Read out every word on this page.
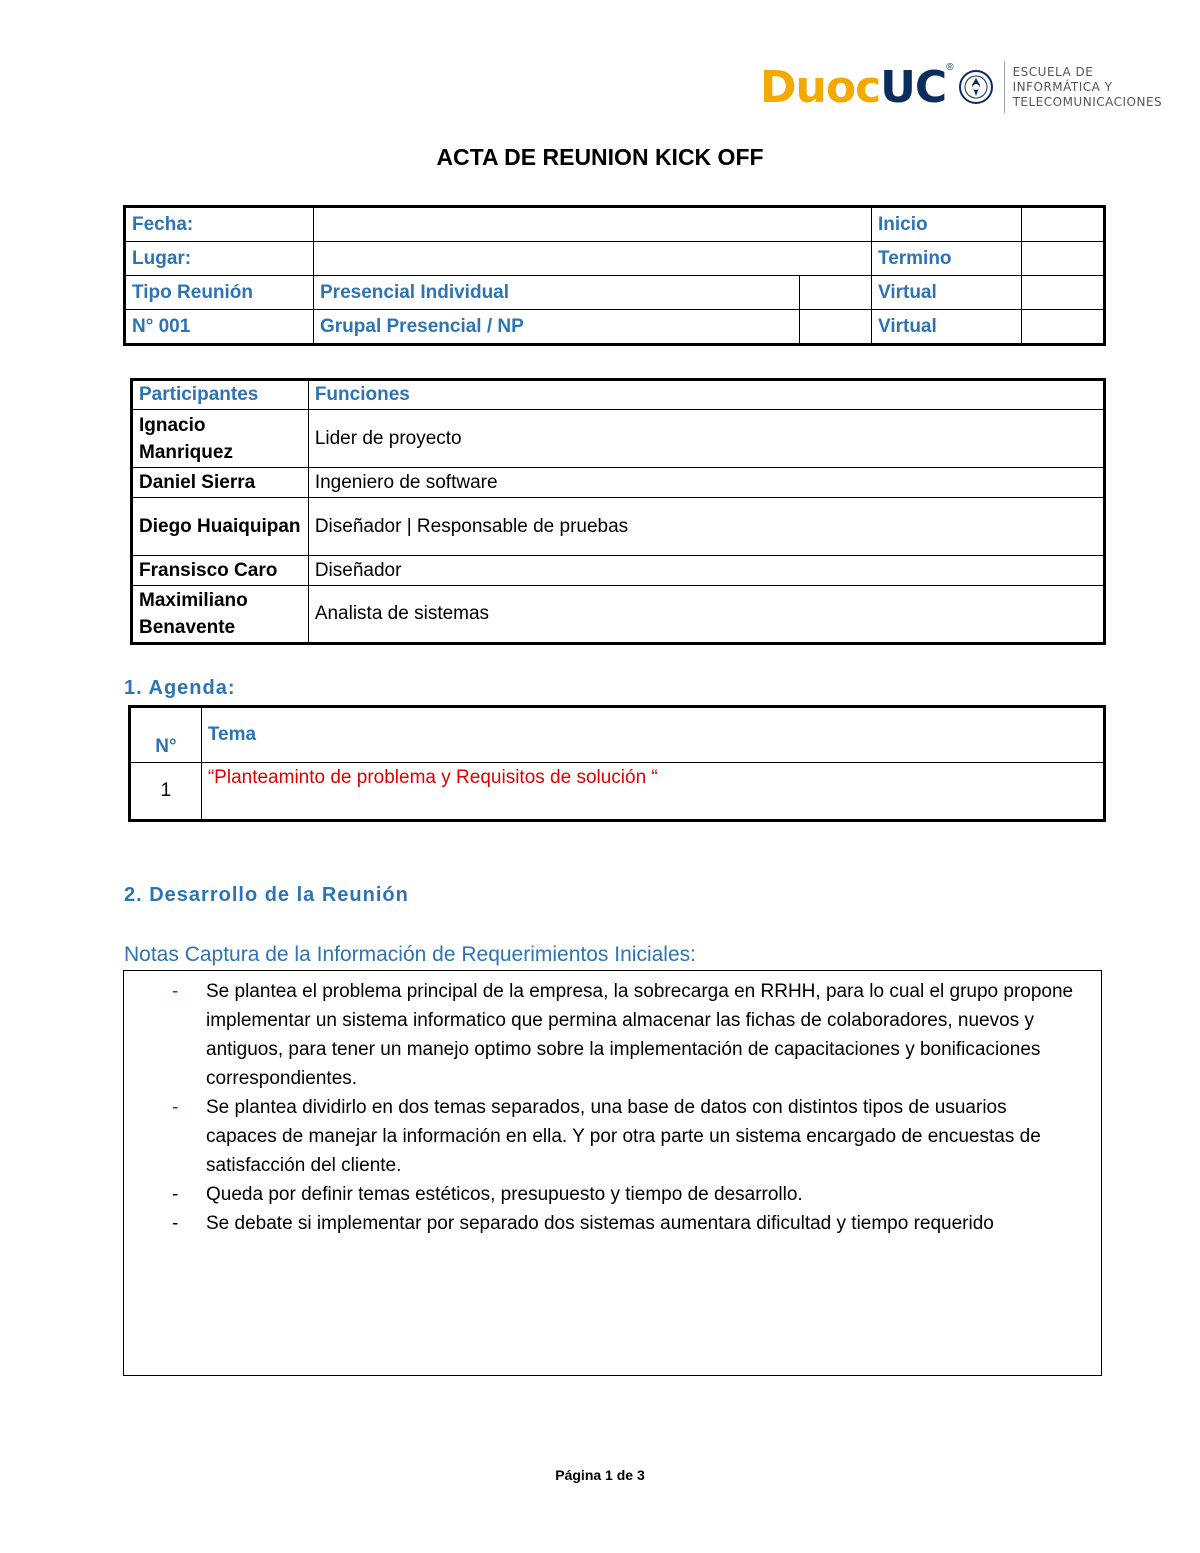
Duoc UC ®	ESCUELA DE
INFORMÁTICA Y
TELECOMUNICACIONES
ACTA DE REUNION KICK OFF
Fecha:			Inicio	
Lugar:			Termino	
Tipo Reunión	Presencial Individual		Virtual	
N° 001	Grupal Presencial / NP		Virtual	
Participantes	Funciones
Ignacio Manriquez	Lider de proyecto
Daniel Sierra	Ingeniero de software
Diego Huaiquipan	Diseñador | Responsable de pruebas
Fransisco Caro	Diseñador
Maximiliano Benavente	Analista de sistemas
1. Agenda:
N°	Tema
1	“Planteaminto de problema y Requisitos de solución “
2. Desarrollo de la Reunión
Notas Captura de la Información de Requerimientos Iniciales:
- Se plantea el problema principal de la empresa, la sobrecarga en RRHH, para lo cual el grupo propone implementar un sistema informatico que permina almacenar las fichas de colaboradores, nuevos y antiguos, para tener un manejo optimo sobre la implementación de capacitaciones y bonificaciones correspondientes.
- Se plantea dividirlo en dos temas separados, una base de datos con distintos tipos de usuarios capaces de manejar la información en ella. Y por otra parte un sistema encargado de encuestas de satisfacción del cliente.
- Queda por definir temas estéticos, presupuesto y tiempo de desarrollo.
- Se debate si implementar por separado dos sistemas aumentara dificultad y tiempo requerido
Página 1 de 3
